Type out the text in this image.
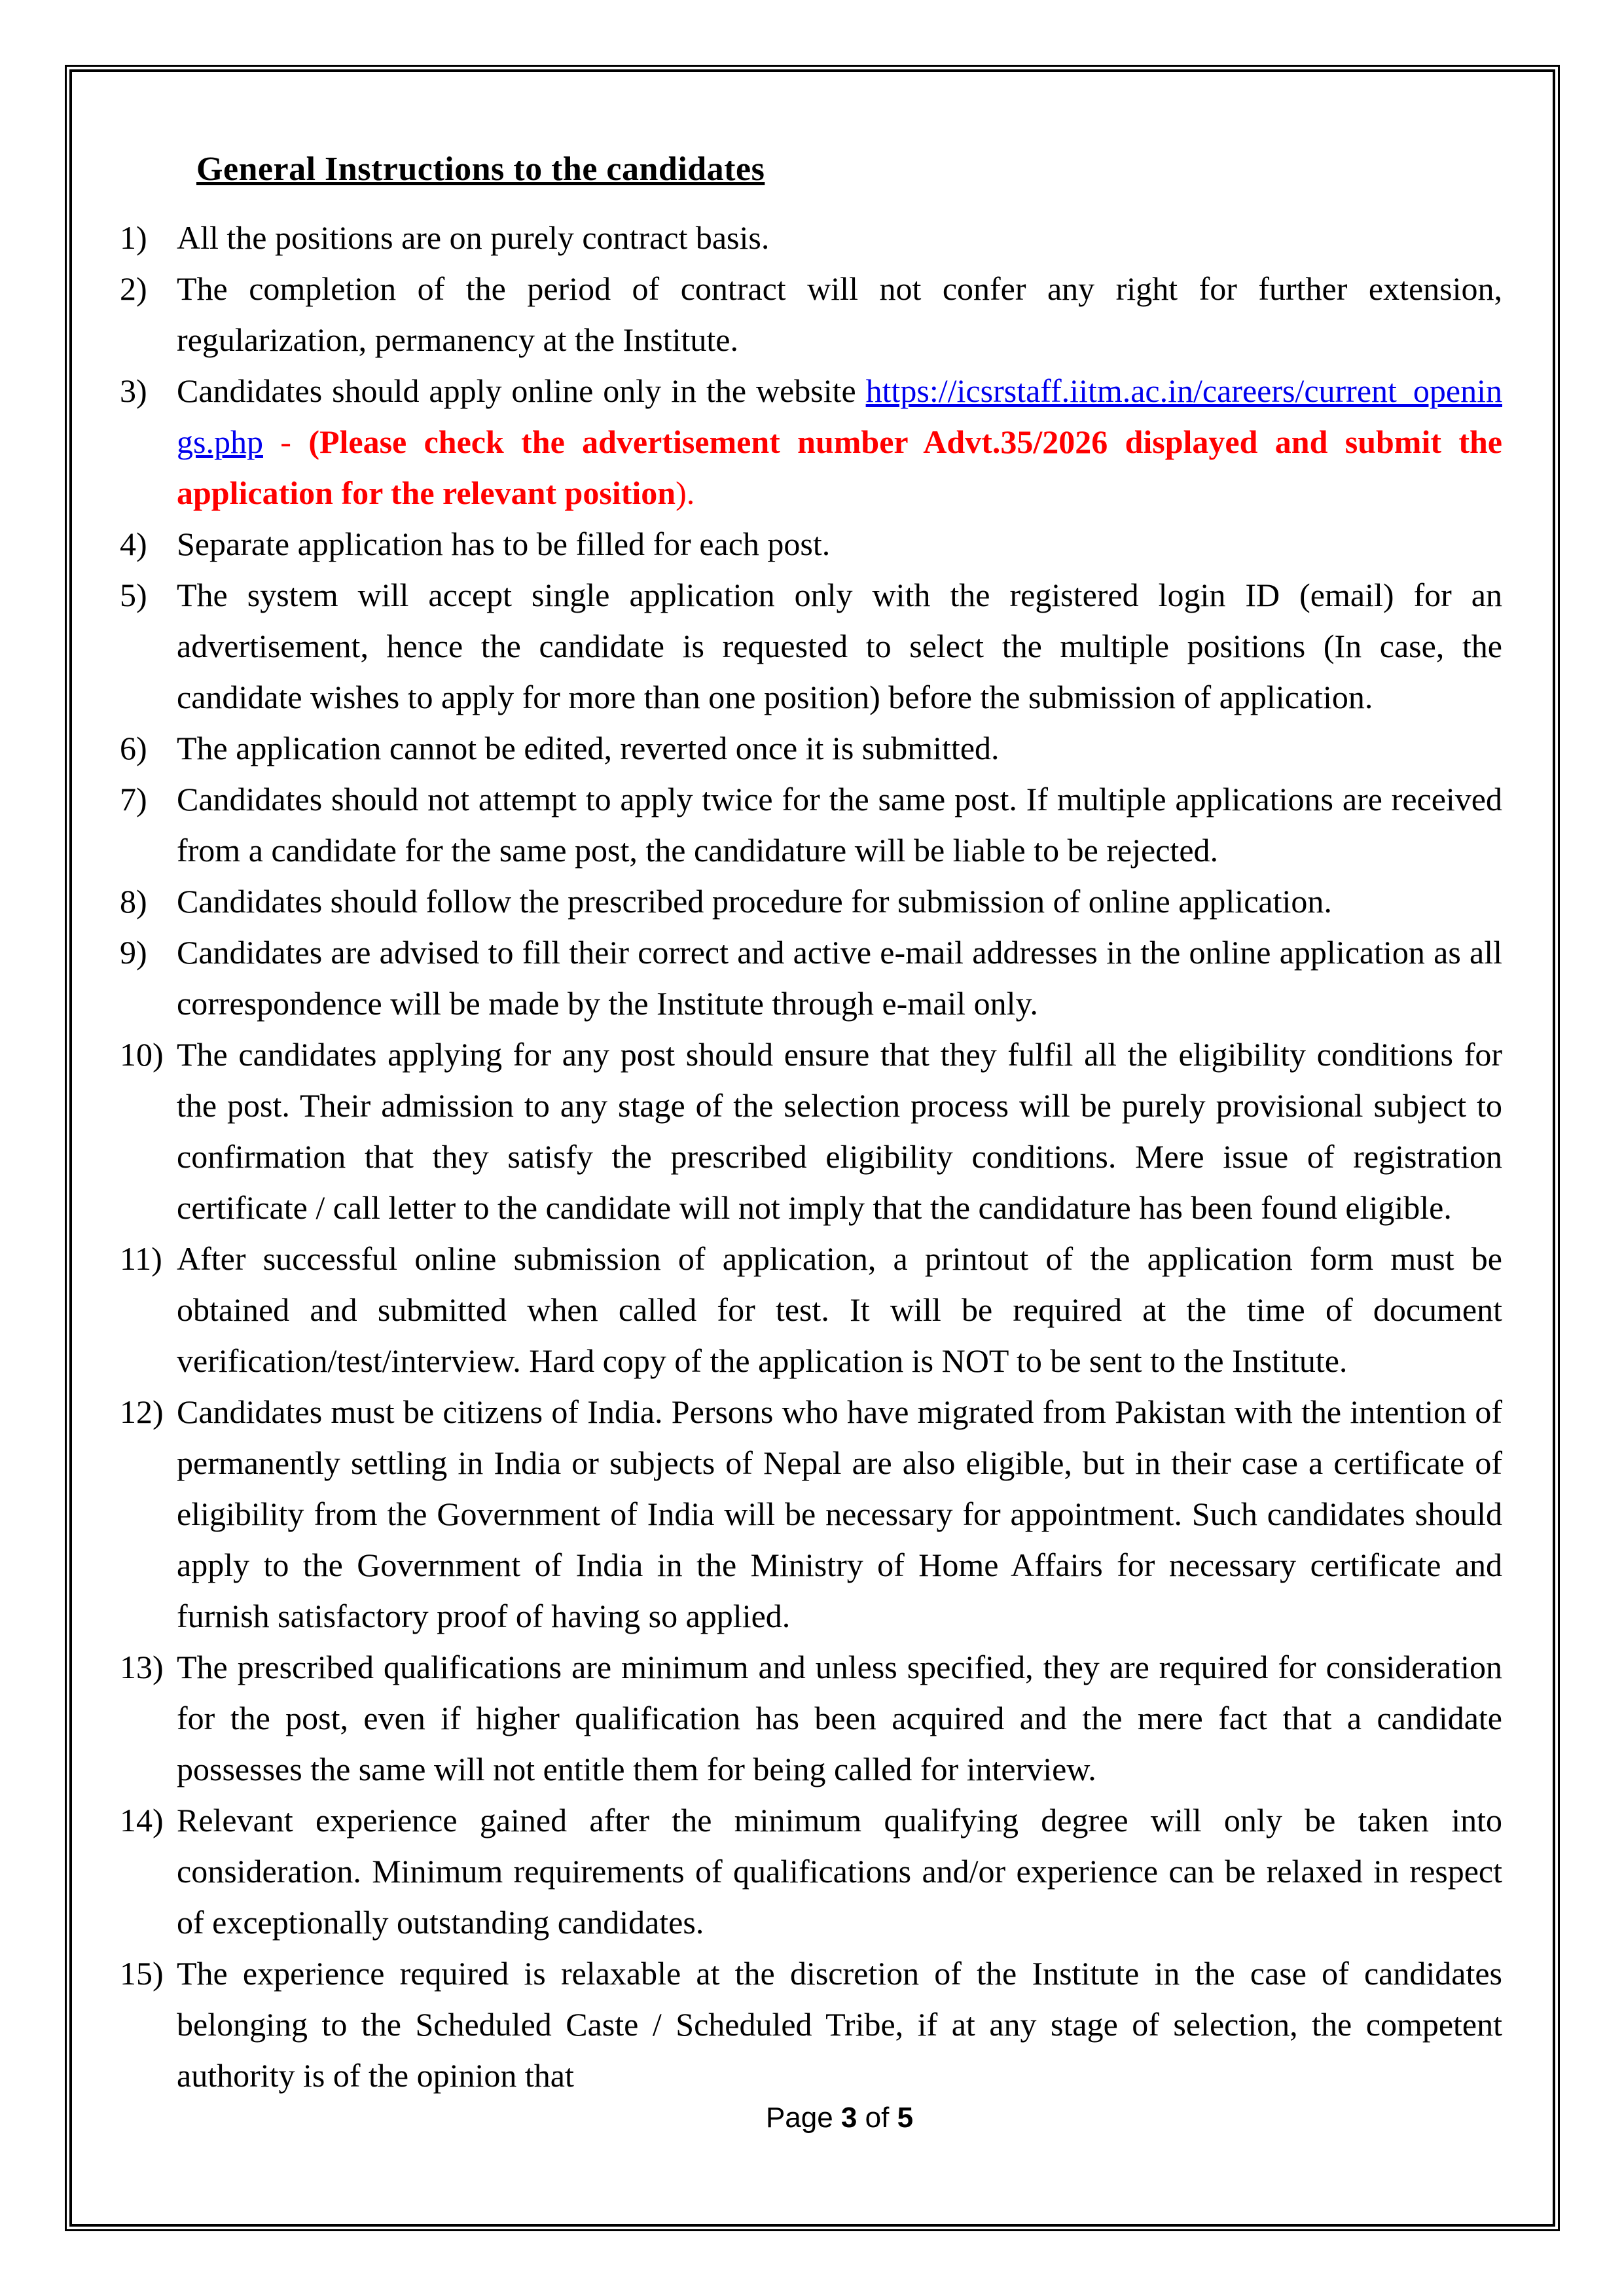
General Instructions to the candidates
1) All the positions are on purely contract basis.
2) The completion of the period of contract will not confer any right for further extension, regularization, permanency at the Institute.
3) Candidates should apply online only in the website https://icsrstaff.iitm.ac.in/careers/current_openings.php - (Please check the advertisement number Advt.35/2026 displayed and submit the application for the relevant position).
4) Separate application has to be filled for each post.
5) The system will accept single application only with the registered login ID (email) for an advertisement, hence the candidate is requested to select the multiple positions (In case, the candidate wishes to apply for more than one position) before the submission of application.
6) The application cannot be edited, reverted once it is submitted.
7) Candidates should not attempt to apply twice for the same post. If multiple applications are received from a candidate for the same post, the candidature will be liable to be rejected.
8) Candidates should follow the prescribed procedure for submission of online application.
9) Candidates are advised to fill their correct and active e-mail addresses in the online application as all correspondence will be made by the Institute through e-mail only.
10) The candidates applying for any post should ensure that they fulfil all the eligibility conditions for the post. Their admission to any stage of the selection process will be purely provisional subject to confirmation that they satisfy the prescribed eligibility conditions. Mere issue of registration certificate / call letter to the candidate will not imply that the candidature has been found eligible.
11) After successful online submission of application, a printout of the application form must be obtained and submitted when called for test. It will be required at the time of document verification/test/interview. Hard copy of the application is NOT to be sent to the Institute.
12) Candidates must be citizens of India. Persons who have migrated from Pakistan with the intention of permanently settling in India or subjects of Nepal are also eligible, but in their case a certificate of eligibility from the Government of India will be necessary for appointment. Such candidates should apply to the Government of India in the Ministry of Home Affairs for necessary certificate and furnish satisfactory proof of having so applied.
13) The prescribed qualifications are minimum and unless specified, they are required for consideration for the post, even if higher qualification has been acquired and the mere fact that a candidate possesses the same will not entitle them for being called for interview.
14) Relevant experience gained after the minimum qualifying degree will only be taken into consideration. Minimum requirements of qualifications and/or experience can be relaxed in respect of exceptionally outstanding candidates.
15) The experience required is relaxable at the discretion of the Institute in the case of candidates belonging to the Scheduled Caste / Scheduled Tribe, if at any stage of selection, the competent authority is of the opinion that
Page 3 of 5
